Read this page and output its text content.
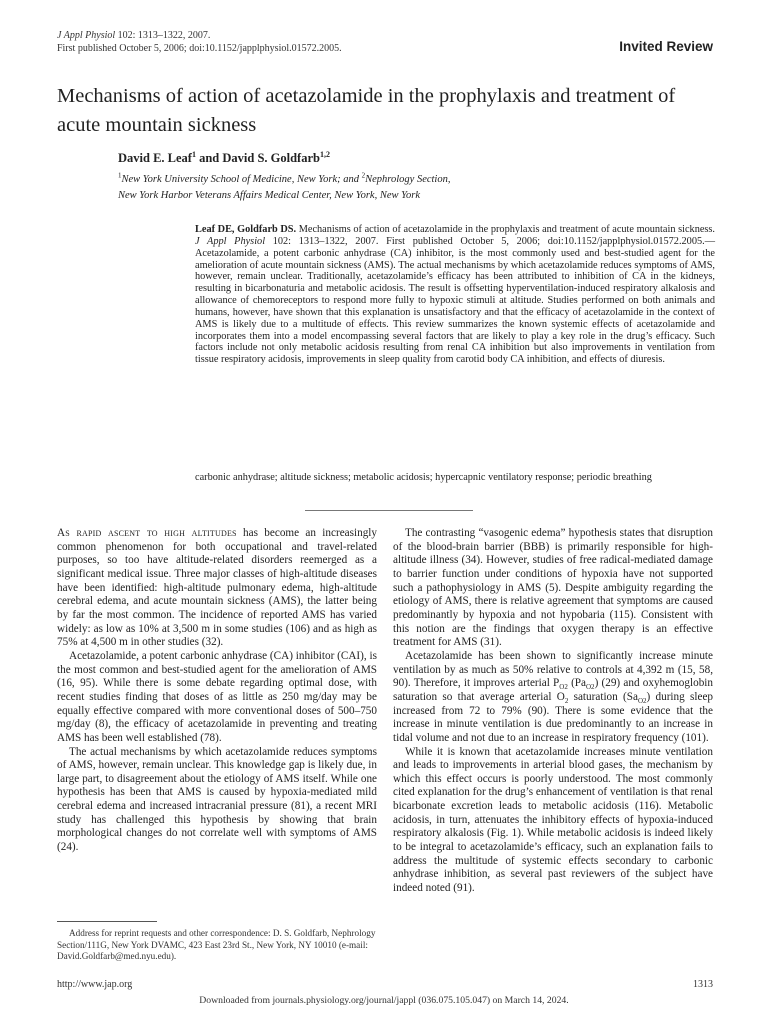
J Appl Physiol 102: 1313–1322, 2007.
First published October 5, 2006; doi:10.1152/japplphysiol.01572.2005.	Invited Review
Mechanisms of action of acetazolamide in the prophylaxis and treatment of acute mountain sickness
David E. Leaf$^1$ and David S. Goldfarb$^{1,2}$
$^1$New York University School of Medicine, New York; and $^2$Nephrology Section,
New York Harbor Veterans Affairs Medical Center, New York, New York
Leaf DE, Goldfarb DS. Mechanisms of action of acetazolamide in the prophylaxis and treatment of acute mountain sickness. J Appl Physiol 102: 1313–1322, 2007. First published October 5, 2006; doi:10.1152/japplphysiol.01572.2005.—Acetazolamide, a potent carbonic anhydrase (CA) inhibitor, is the most commonly used and best-studied agent for the amelioration of acute mountain sickness (AMS). The actual mechanisms by which acetazolamide reduces symptoms of AMS, however, remain unclear. Traditionally, acetazolamide’s efficacy has been attributed to inhibition of CA in the kidneys, resulting in bicarbonaturia and metabolic acidosis. The result is offsetting hyperventilation-induced respiratory alkalosis and allowance of chemoreceptors to respond more fully to hypoxic stimuli at altitude. Studies performed on both animals and humans, however, have shown that this explanation is unsatisfactory and that the efficacy of acetazolamide in the context of AMS is likely due to a multitude of effects. This review summarizes the known systemic effects of acetazolamide and incorporates them into a model encompassing several factors that are likely to play a key role in the drug’s efficacy. Such factors include not only metabolic acidosis resulting from renal CA inhibition but also improvements in ventilation from tissue respiratory acidosis, improvements in sleep quality from carotid body CA inhibition, and effects of diuresis.
carbonic anhydrase; altitude sickness; metabolic acidosis; hypercapnic ventilatory response; periodic breathing

As rapid ascent to high altitudes has become an increasingly common phenomenon for both occupational and travel-related purposes, so too have altitude-related disorders reemerged as a significant medical issue. Three major classes of high-altitude diseases have been identified: high-altitude pulmonary edema, high-altitude cerebral edema, and acute mountain sickness (AMS), the latter being by far the most common. The incidence of reported AMS has varied widely: as low as 10% at 3,500 m in some studies (106) and as high as 75% at 4,500 m in other studies (32).

Acetazolamide, a potent carbonic anhydrase (CA) inhibitor (CAI), is the most common and best-studied agent for the amelioration of AMS (16, 95). While there is some debate regarding optimal dose, with recent studies finding that doses of as little as 250 mg/day may be equally effective compared with more conventional doses of 500–750 mg/day (8), the efficacy of acetazolamide in preventing and treating AMS has been well established (78).

The actual mechanisms by which acetazolamide reduces symptoms of AMS, however, remain unclear. This knowledge gap is likely due, in large part, to disagreement about the etiology of AMS itself. While one hypothesis has been that AMS is caused by hypoxia-mediated mild cerebral edema and increased intracranial pressure (81), a recent MRI study has challenged this hypothesis by showing that brain morphological changes do not correlate well with symptoms of AMS (24).

The contrasting “vasogenic edema” hypothesis states that disruption of the blood-brain barrier (BBB) is primarily responsible for high-altitude illness (34). However, studies of free radical-mediated damage to barrier function under conditions of hypoxia have not supported such a pathophysiology in AMS (5). Despite ambiguity regarding the etiology of AMS, there is relative agreement that symptoms are caused predominantly by hypoxia and not hypobaria (115). Consistent with this notion are the findings that oxygen therapy is an effective treatment for AMS (31).

Acetazolamide has been shown to significantly increase minute ventilation by as much as 50% relative to controls at 4,392 m (15, 58, 90). Therefore, it improves arterial $P_{O2}$ $(Pa_{O2})$ (29) and oxyhemoglobin saturation so that average arterial $O_2$ saturation $(Sa_{O2})$ during sleep increased from 72 to 79% (90). There is some evidence that the increase in minute ventilation is due predominantly to an increase in tidal volume and not due to an increase in respiratory frequency (101).

While it is known that acetazolamide increases minute ventilation and leads to improvements in arterial blood gases, the mechanism by which this effect occurs is poorly understood. The most commonly cited explanation for the drug’s enhancement of ventilation is that renal bicarbonate excretion leads to metabolic acidosis (116). Metabolic acidosis, in turn, attenuates the inhibitory effects of hypoxia-induced respiratory alkalosis (Fig. 1). While metabolic acidosis is indeed likely to be integral to acetazolamide’s efficacy, such an explanation fails to address the multitude of systemic effects secondary to carbonic anhydrase inhibition, as several past reviewers of the subject have indeed noted (91).

Address for reprint requests and other correspondence: D. S. Goldfarb, Nephrology Section/111G, New York DVAMC, 423 East 23rd St., New York, NY 10010 (e-mail: David.Goldfarb@med.nyu.edu).
http://www.jap.org	1313
Downloaded from journals.physiology.org/journal/jappl (036.075.105.047) on March 14, 2024.
